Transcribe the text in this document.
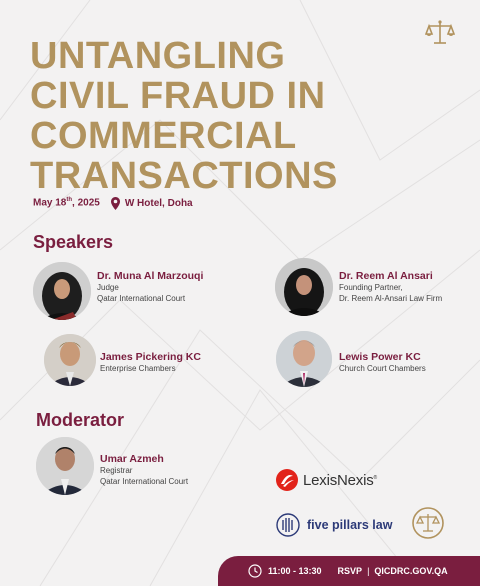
UNTANGLING
CIVIL FRAUD IN
COMMERCIAL
TRANSACTIONS
May 18th, 2025	W Hotel, Doha
Speakers
Dr. Muna Al Marzouqi
Judge
Qatar International Court
Dr. Reem Al Ansari
Founding Partner,
Dr. Reem Al-Ansari Law Firm
James Pickering KC
Enterprise Chambers
Lewis Power KC
Church Court Chambers
Moderator
Umar Azmeh
Registrar
Qatar International Court	LexisNexis®
five pillars law
11:00 - 13:30 RSVP | QICDRC.GOV.QA
